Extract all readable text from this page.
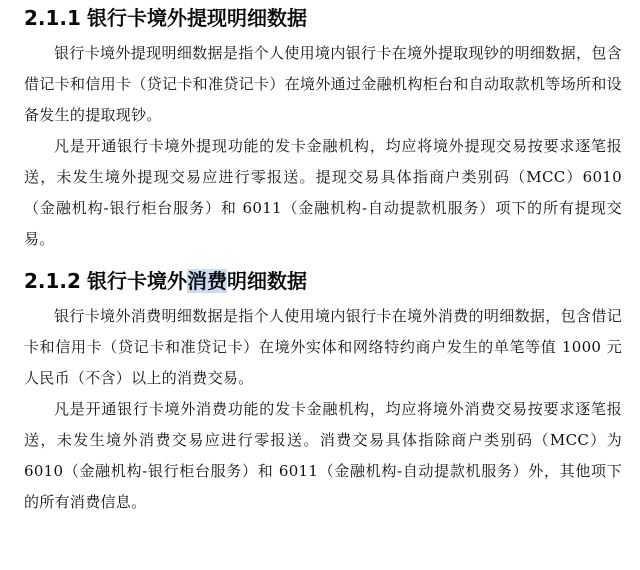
2.1.1 银行卡境外提现明细数据

银行卡境外提现明细数据是指个人使用境内银行卡在境外提取现钞的明细数据，包含借记卡和信用卡（贷记卡和准贷记卡）在境外通过金融机构柜台和自动取款机等场所和设备发生的提取现钞。

凡是开通银行卡境外提现功能的发卡金融机构，均应将境外提现交易按要求逐笔报送，未发生境外提现交易应进行零报送。提现交易具体指商户类别码（MCC）6010（金融机构-银行柜台服务）和 6011（金融机构-自动提款机服务）项下的所有提现交易。

2.1.2 银行卡境外消费明细数据

银行卡境外消费明细数据是指个人使用境内银行卡在境外消费的明细数据，包含借记卡和信用卡（贷记卡和准贷记卡）在境外实体和网络特约商户发生的单笔等值 1000 元人民币（不含）以上的消费交易。

凡是开通银行卡境外消费功能的发卡金融机构，均应将境外消费交易按要求逐笔报送，未发生境外消费交易应进行零报送。消费交易具体指除商户类别码（MCC）为 6010（金融机构-银行柜台服务）和 6011（金融机构-自动提款机服务）外，其他项下的所有消费信息。
